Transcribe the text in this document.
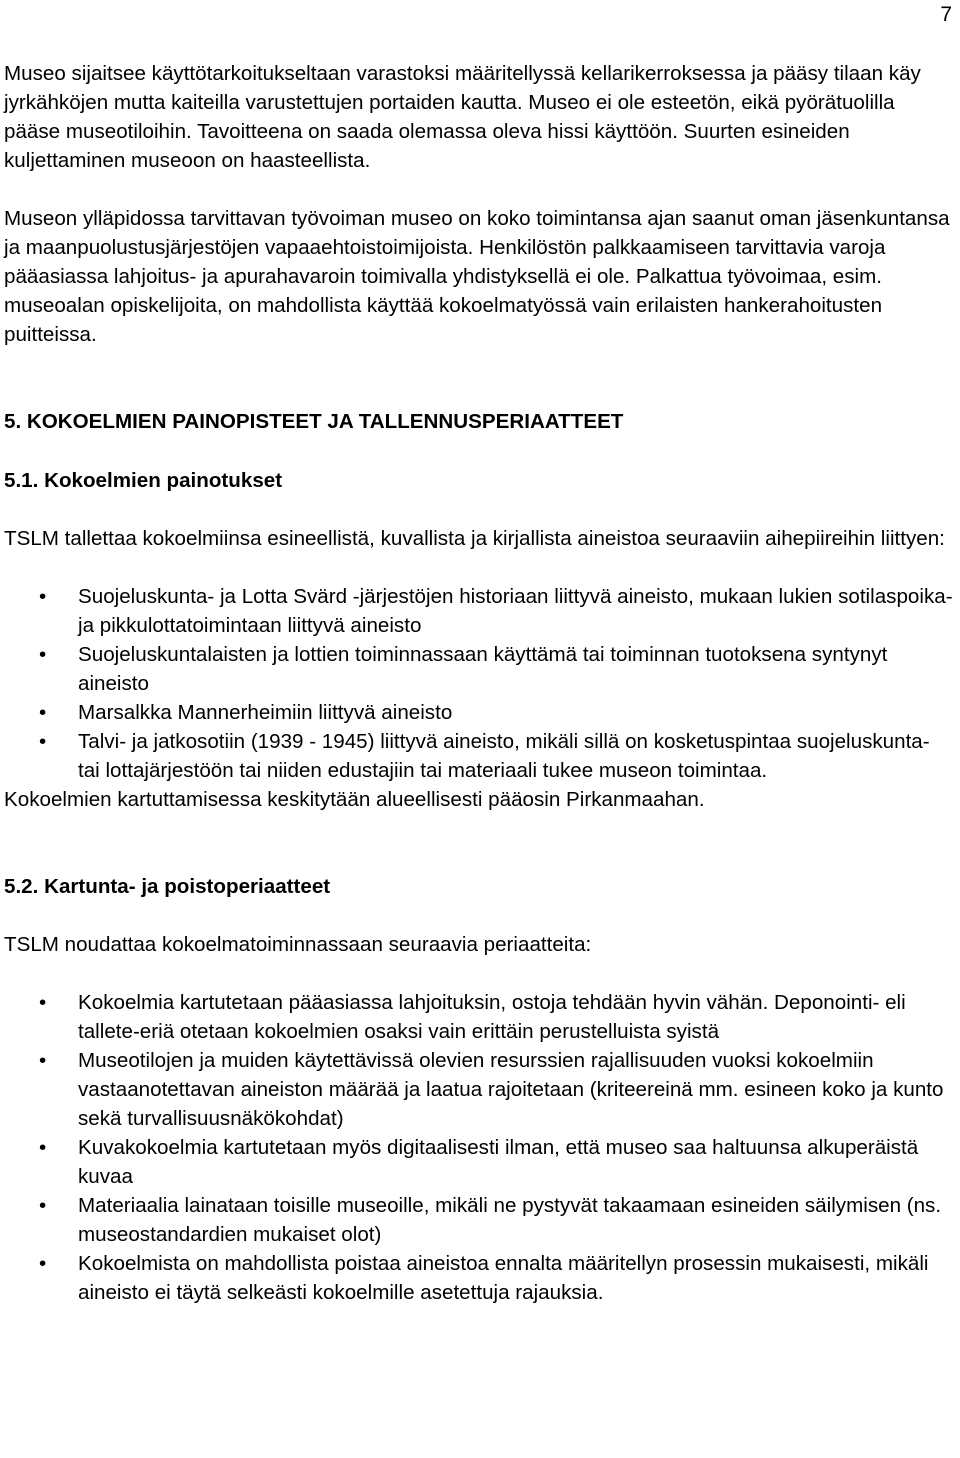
7

Museo sijaitsee käyttötarkoitukseltaan varastoksi määritellyssä kellarikerroksessa ja pääsy tilaan käy jyrkähköjen mutta kaiteilla varustettujen portaiden kautta. Museo ei ole esteetön, eikä pyörätuolilla pääse museotiloihin. Tavoitteena on saada olemassa oleva hissi käyttöön. Suurten esineiden kuljettaminen museoon on haasteellista.

Museon ylläpidossa tarvittavan työvoiman museo on koko toimintansa ajan saanut oman jäsenkuntansa ja maanpuolustusjärjestöjen vapaaehtoistoimijoista. Henkilöstön palkkaamiseen tarvittavia varoja pääasiassa lahjoitus- ja apurahavaroin toimivalla yhdistyksellä ei ole. Palkattua työvoimaa, esim. museoalan opiskelijoita, on mahdollista käyttää kokoelmatyössä vain erilaisten hankerahoitusten puitteissa.

5. KOKOELMIEN PAINOPISTEET JA TALLENNUSPERIAATTEET
5.1. Kokoelmien painotukset

TSLM tallettaa kokoelmiinsa esineellistä, kuvallista ja kirjallista aineistoa seuraaviin aihepiireihin liittyen:

• Suojeluskunta- ja Lotta Svärd -järjestöjen historiaan liittyvä aineisto, mukaan lukien sotilaspoika- ja pikkulottatoimintaan liittyvä aineisto
• Suojeluskuntalaisten ja lottien toiminnassaan käyttämä tai toiminnan tuotoksena syntynyt aineisto
• Marsalkka Mannerheimiin liittyvä aineisto
• Talvi- ja jatkosotiin (1939 - 1945) liittyvä aineisto, mikäli sillä on kosketuspintaa suojeluskunta- tai lottajärjestöön tai niiden edustajiin tai materiaali tukee museon toimintaa.

Kokoelmien kartuttamisessa keskitytään alueellisesti pääosin Pirkanmaahan.

5.2. Kartunta- ja poistoperiaatteet

TSLM noudattaa kokoelmatoiminnassaan seuraavia periaatteita:

• Kokoelmia kartutetaan pääasiassa lahjoituksin, ostoja tehdään hyvin vähän. Deponointi- eli tallete-eriä otetaan kokoelmien osaksi vain erittäin perustelluista syistä
• Museotilojen ja muiden käytettävissä olevien resurssien rajallisuuden vuoksi kokoelmiin vastaanotettavan aineiston määrää ja laatua rajoitetaan (kriteereinä mm. esineen koko ja kunto sekä turvallisuusnäkökohdat)
• Kuvakokoelmia kartutetaan myös digitaalisesti ilman, että museo saa haltuunsa alkuperäistä kuvaa
• Materiaalia lainataan toisille museoille, mikäli ne pystyvät takaamaan esineiden säilymisen (ns. museostandardien mukaiset olot)
• Kokoelmista on mahdollista poistaa aineistoa ennalta määritellyn prosessin mukaisesti, mikäli aineisto ei täytä selkeästi kokoelmille asetettuja rajauksia.
